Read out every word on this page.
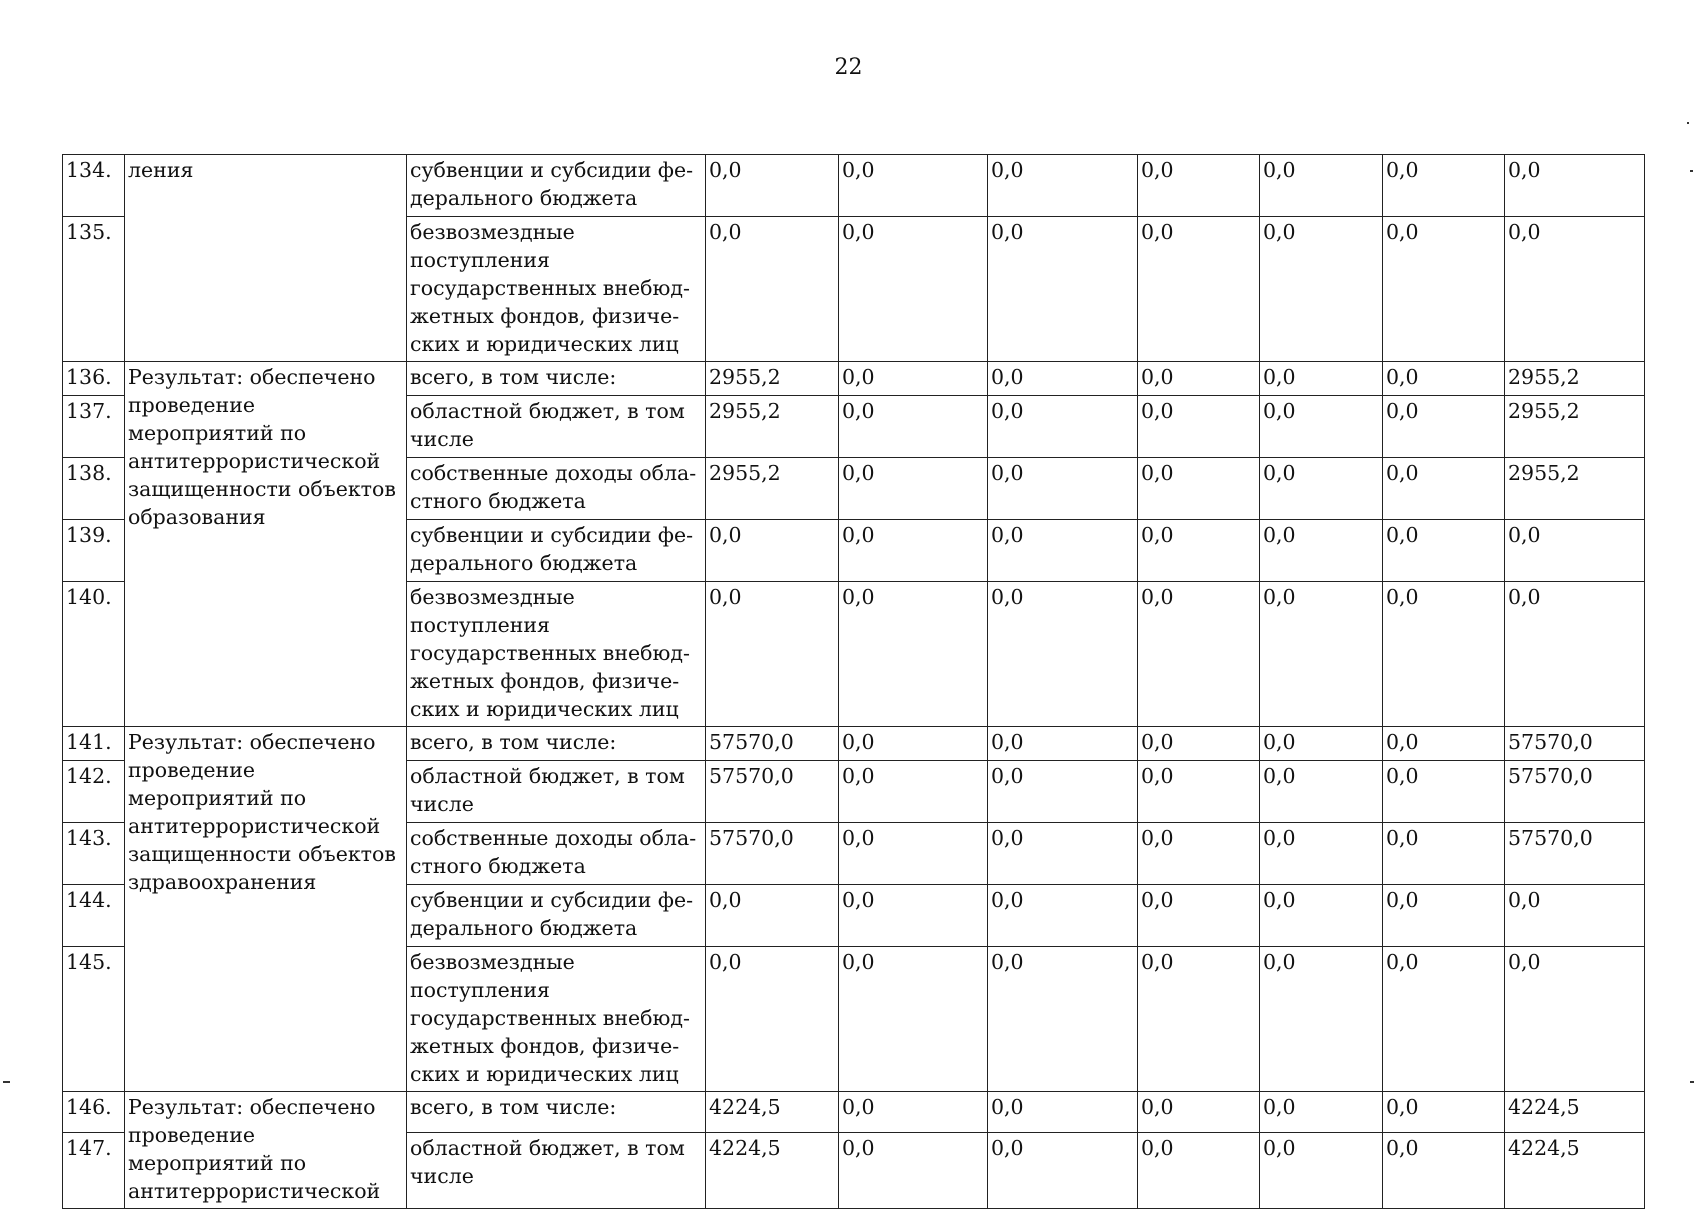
22
134.	ления	субвенции и субсидии фе-дерального бюджета	0,0	0,0	0,0	0,0	0,0	0,0	0,0
135.		безвозмездные поступления государственных внебюд-жетных фондов, физиче-ских и юридических лиц	0,0	0,0	0,0	0,0	0,0	0,0	0,0
136.	Результат: обеспечено проведение мероприятий по антитеррористической защищенности объектов образования	всего, в том числе:	2955,2	0,0	0,0	0,0	0,0	0,0	2955,2
137.		областной бюджет, в том числе	2955,2	0,0	0,0	0,0	0,0	0,0	2955,2
138.		собственные доходы обла-стного бюджета	2955,2	0,0	0,0	0,0	0,0	0,0	2955,2
139.		субвенции и субсидии фе-дерального бюджета	0,0	0,0	0,0	0,0	0,0	0,0	0,0
140.		безвозмездные поступления государственных внебюд-жетных фондов, физиче-ских и юридических лиц	0,0	0,0	0,0	0,0	0,0	0,0	0,0
141.	Результат: обеспечено проведение мероприятий по антитеррористической защищенности объектов здравоохранения	всего, в том числе:	57570,0	0,0	0,0	0,0	0,0	0,0	57570,0
142.		областной бюджет, в том числе	57570,0	0,0	0,0	0,0	0,0	0,0	57570,0
143.		собственные доходы обла-стного бюджета	57570,0	0,0	0,0	0,0	0,0	0,0	57570,0
144.		субвенции и субсидии фе-дерального бюджета	0,0	0,0	0,0	0,0	0,0	0,0	0,0
145.		безвозмездные поступления государственных внебюд-жетных фондов, физиче-ских и юридических лиц	0,0	0,0	0,0	0,0	0,0	0,0	0,0
146.	Результат: обеспечено проведение мероприятий по антитеррористической	всего, в том числе:	4224,5	0,0	0,0	0,0	0,0	0,0	4224,5
147.		областной бюджет, в том числе	4224,5	0,0	0,0	0,0	0,0	0,0	4224,5
